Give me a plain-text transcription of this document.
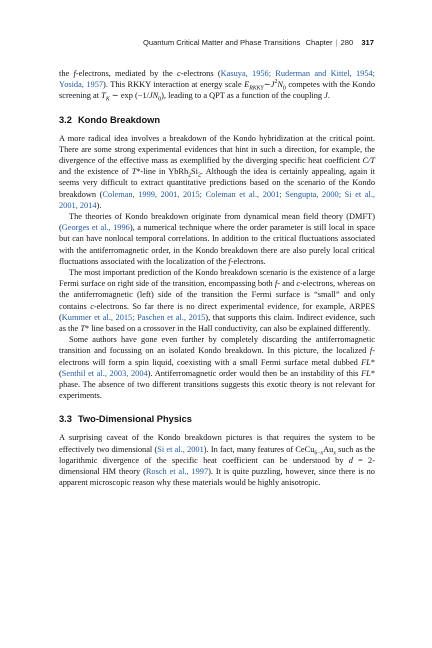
Quantum Critical Matter and Phase Transitions Chapter | 280 317

the f-electrons, mediated by the c-electrons (Kasuya, 1956; Ruderman and Kittel, 1954; Yosida, 1957). This RKKY interaction at energy scale $E_{RKKY}\sim J^2N_0$ competes with the Kondo screening at $T_K$ ∼ $\exp (-1/JN_0)$, leading to a QPT as a function of the coupling J.

3.2 Kondo Breakdown

A more radical idea involves a breakdown of the Kondo hybridization at the critical point. There are some strong experimental evidences that hint in such a direction, for example, the divergence of the effective mass as exemplified by the diverging specific heat coefficient C/T and the existence of T*-line in $YbRh_2Si_2$. Although the idea is certainly appealing, again it seems very difficult to extract quantitative predictions based on the scenario of the Kondo breakdown (Coleman, 1999, 2001, 2015; Coleman et al., 2001; Sengupta, 2000; Si et al., 2001, 2014).

The theories of Kondo breakdown originate from dynamical mean field theory (DMFT) (Georges et al., 1996), a numerical technique where the order parameter is still local in space but can have nonlocal temporal correlations. In addition to the critical fluctuations associated with the antiferromagnetic order, in the Kondo breakdown there are also purely local critical fluctuations associated with the localization of the f-electrons.

The most important prediction of the Kondo breakdown scenario is the existence of a large Fermi surface on right side of the transition, encompassing both f- and c-electrons, whereas on the antiferromagnetic (left) side of the transition the Fermi surface is “small” and only contains c-electrons. So far there is no direct experimental evidence, for example, ARPES (Kummer et al., 2015; Paschen et al., 2015), that supports this claim. Indirect evidence, such as the T* line based on a crossover in the Hall conductivity, can also be explained differently.

Some authors have gone even further by completely discarding the antiferromagnetic transition and focussing on an isolated Kondo breakdown. In this picture, the localized f-electrons will form a spin liquid, coexisting with a small Fermi surface metal dubbed FL* (Senthil et al., 2003, 2004). Antiferromagnetic order would then be an instability of this FL* phase. The absence of two different transitions suggests this exotic theory is not relevant for experiments.

3.3 Two-Dimensional Physics

A surprising caveat of the Kondo breakdown pictures is that requires the system to be effectively two dimensional (Si et al., 2001). In fact, many features of $CeCu_{6-x}Au_x$ such as the logarithmic divergence of the specific heat coefficient can be understood by d = 2-dimensional HM theory (Rosch et al., 1997). It is quite puzzling, however, since there is no apparent microscopic reason why these materials would be highly anisotropic.
